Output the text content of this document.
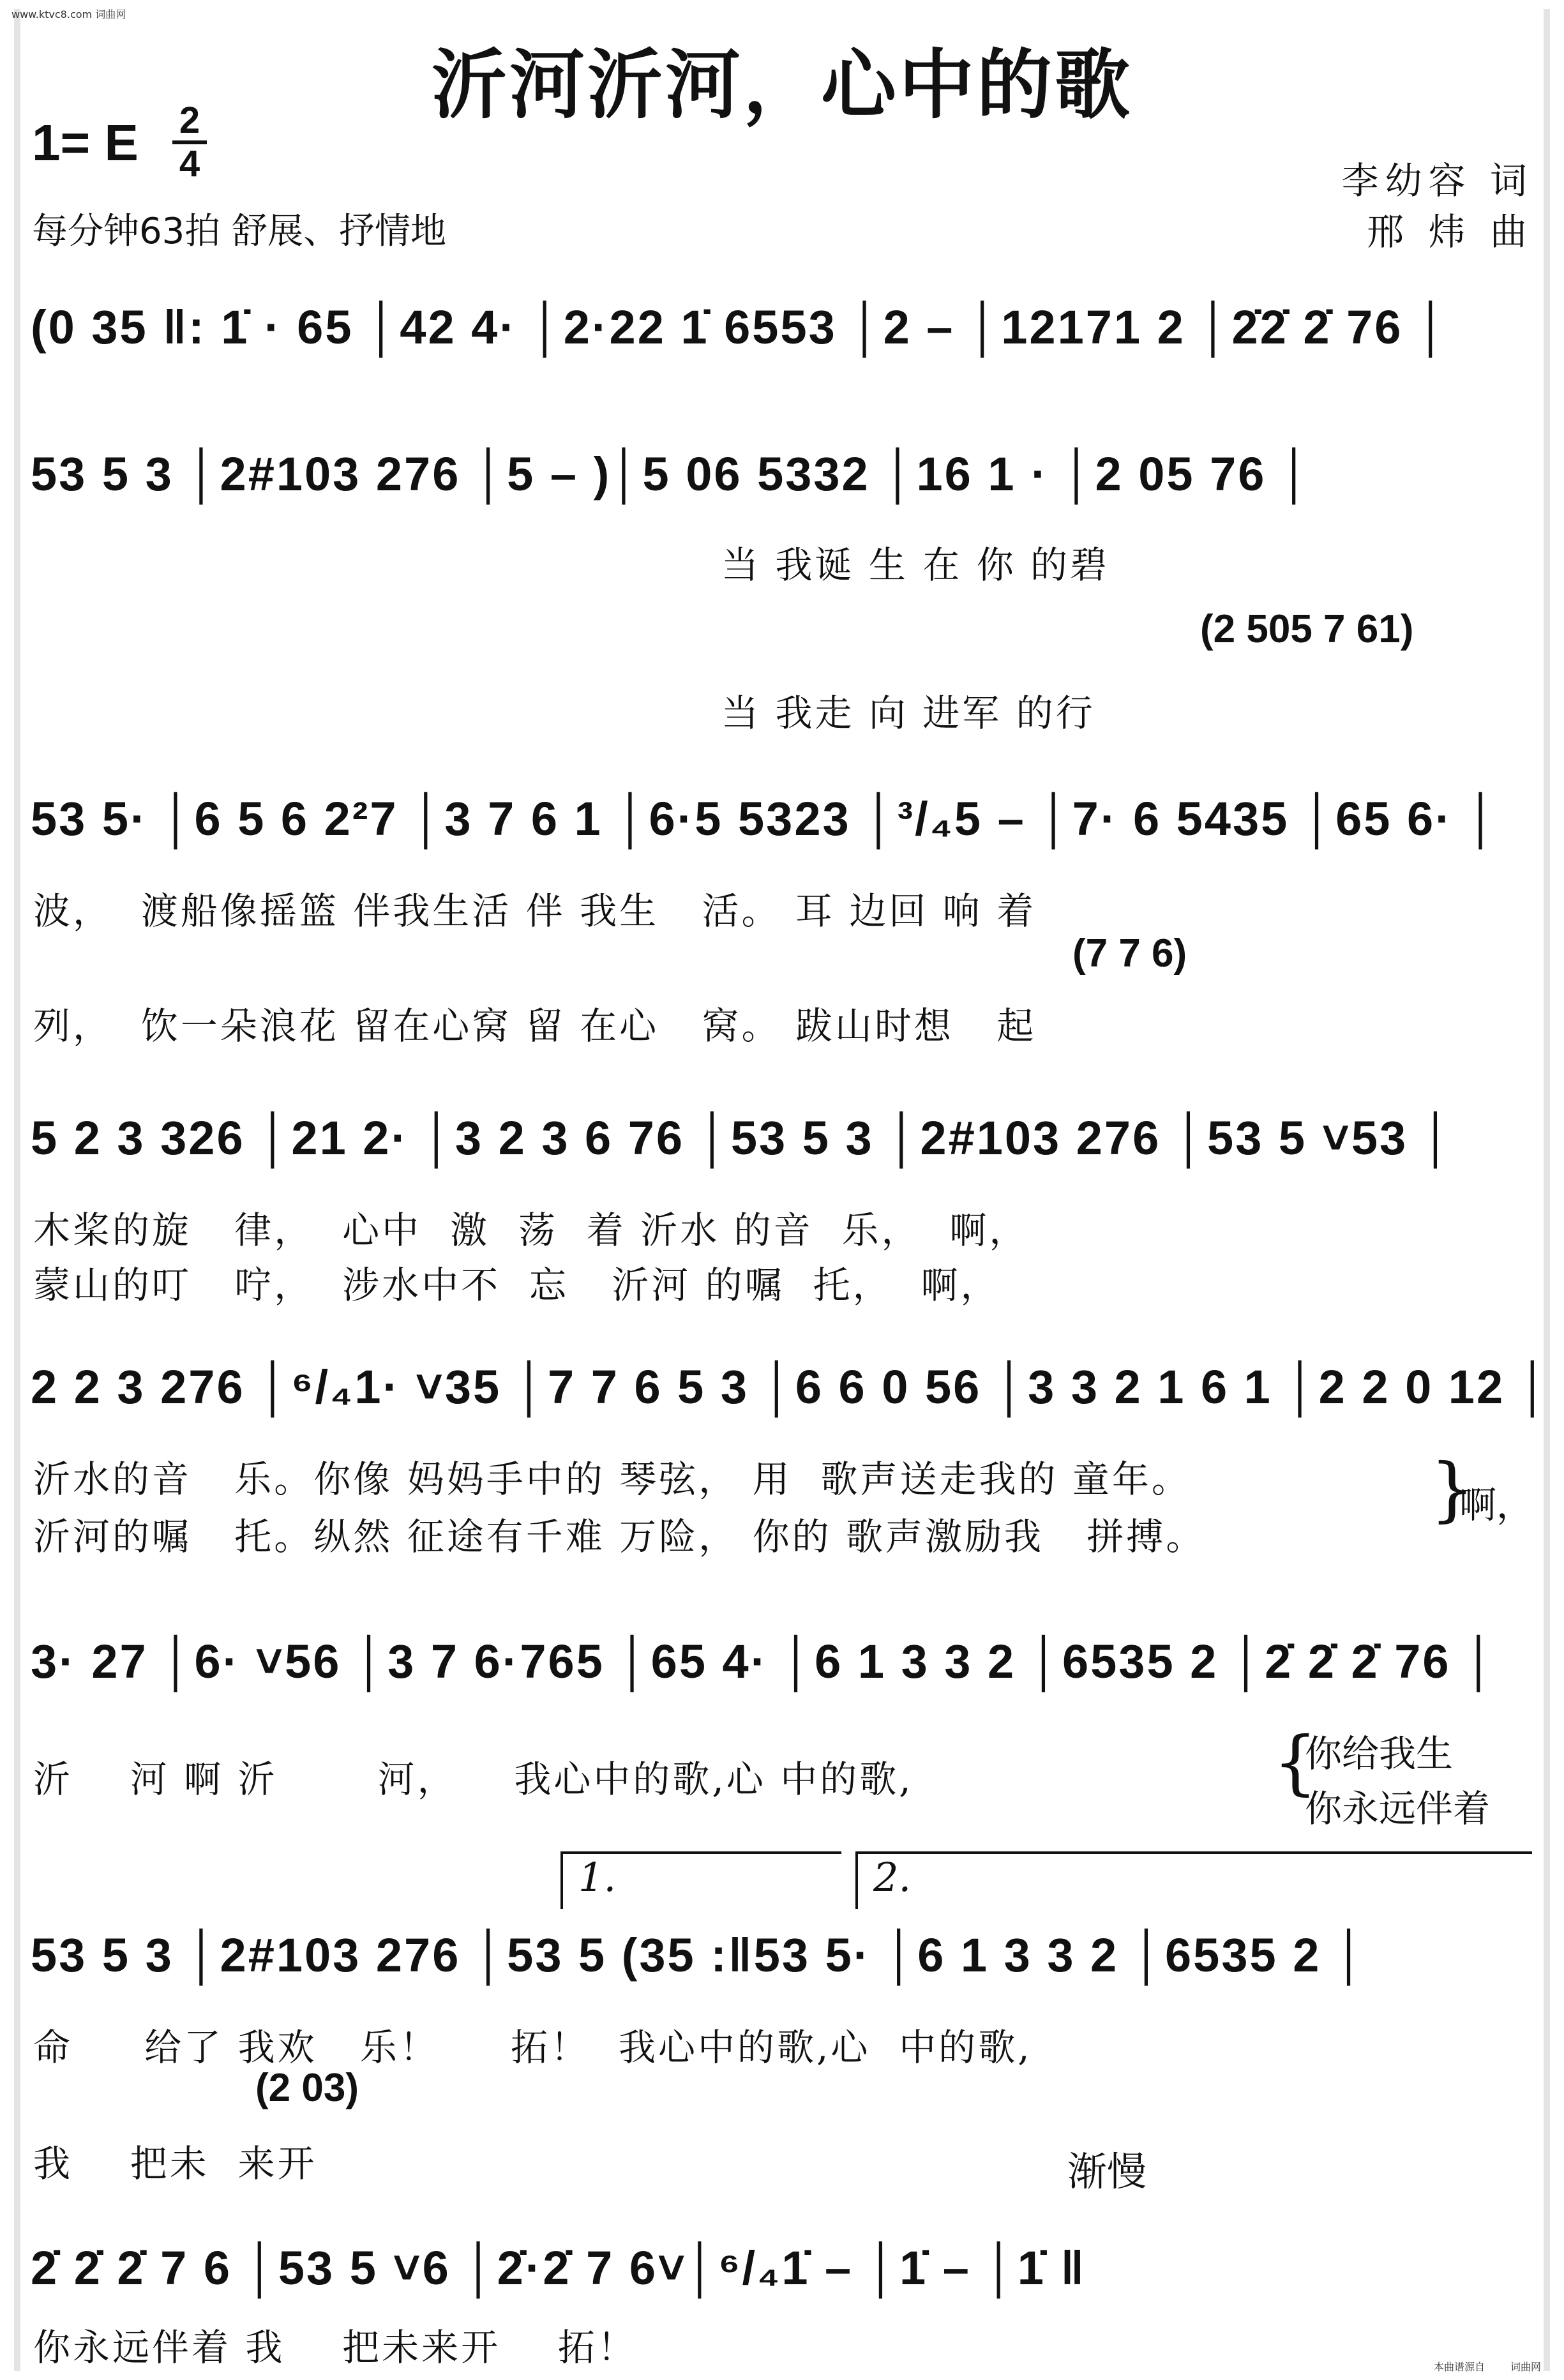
www.ktvc8.com 词曲网
本曲谱源自	词曲网
沂河沂河，心中的歌
1= E 2
4
每分钟63拍 舒展、抒情地
李幼容 词
邢 炜 曲
(0 35 ‖: 1̇ · 65 │42 4· │2·22 1̇ 6553 │2 – │12171 2 │2̇2̇ 2̇ 76 │
53 5 3 │2#103 276 │5 – )│5 06 5332 │16 1 · │2 05 76 │
当 我诞 生 在 你 的碧
(2 505 7 61)
当 我走 向 进军 的行
53 5· │6 5 6 2²7 │3 7 6 1 │6·5 5323 │³/₄5 – │7· 6 5435 │65 6· │
波，  渡船像摇篮 伴我生活 伴 我生   活。 耳 边回 响 着
(7 7 6)
列，  饮一朵浪花 留在心窝 留 在心   窝。 跋山时想   起
5 2 3 326 │21 2· │3 2 3 6 76 │53 5 3 │2#103 276 │53 5 ˅53 │
木桨的旋   律，  心中  激  荡  着 沂水 的音  乐，  啊，
蒙山的叮   咛，  涉水中不  忘   沂河 的嘱  托，  啊，
2 2 3 276 │⁶/₄1· ˅35 │7 7 6 5 3 │6 6 0 56 │3 3 2 1 6 1 │2 2 0 12 │
沂水的音   乐。你像 妈妈手中的 琴弦， 用  歌声送走我的 童年。
沂河的嘱   托。纵然 征途有千难 万险， 你的 歌声激励我   拼搏。
}
啊，
3· 27 │6· ˅56 │3 7 6·765 │65 4· │6 1 3 3 2 │6535 2 │2̇ 2̇ 2̇ 76 │
沂    河 啊 沂       河，    我心中的歌,心 中的歌,	{
你给我生
你永远伴着
1.	2.
53 5 3 │2#103 276 │53 5 (35 :‖53 5· │6 1 3 3 2 │6535 2 │
命     给了 我欢   乐！     拓！  我心中的歌,心  中的歌,
(2 03)
我    把未  来开	渐慢
2̇ 2̇ 2̇ 7 6 │53 5 ˅6 │2̇·2̇ 7 6˅│⁶/₄1̇ – │1̇ – │1̇ ‖
你永远伴着 我    把未来开    拓！
